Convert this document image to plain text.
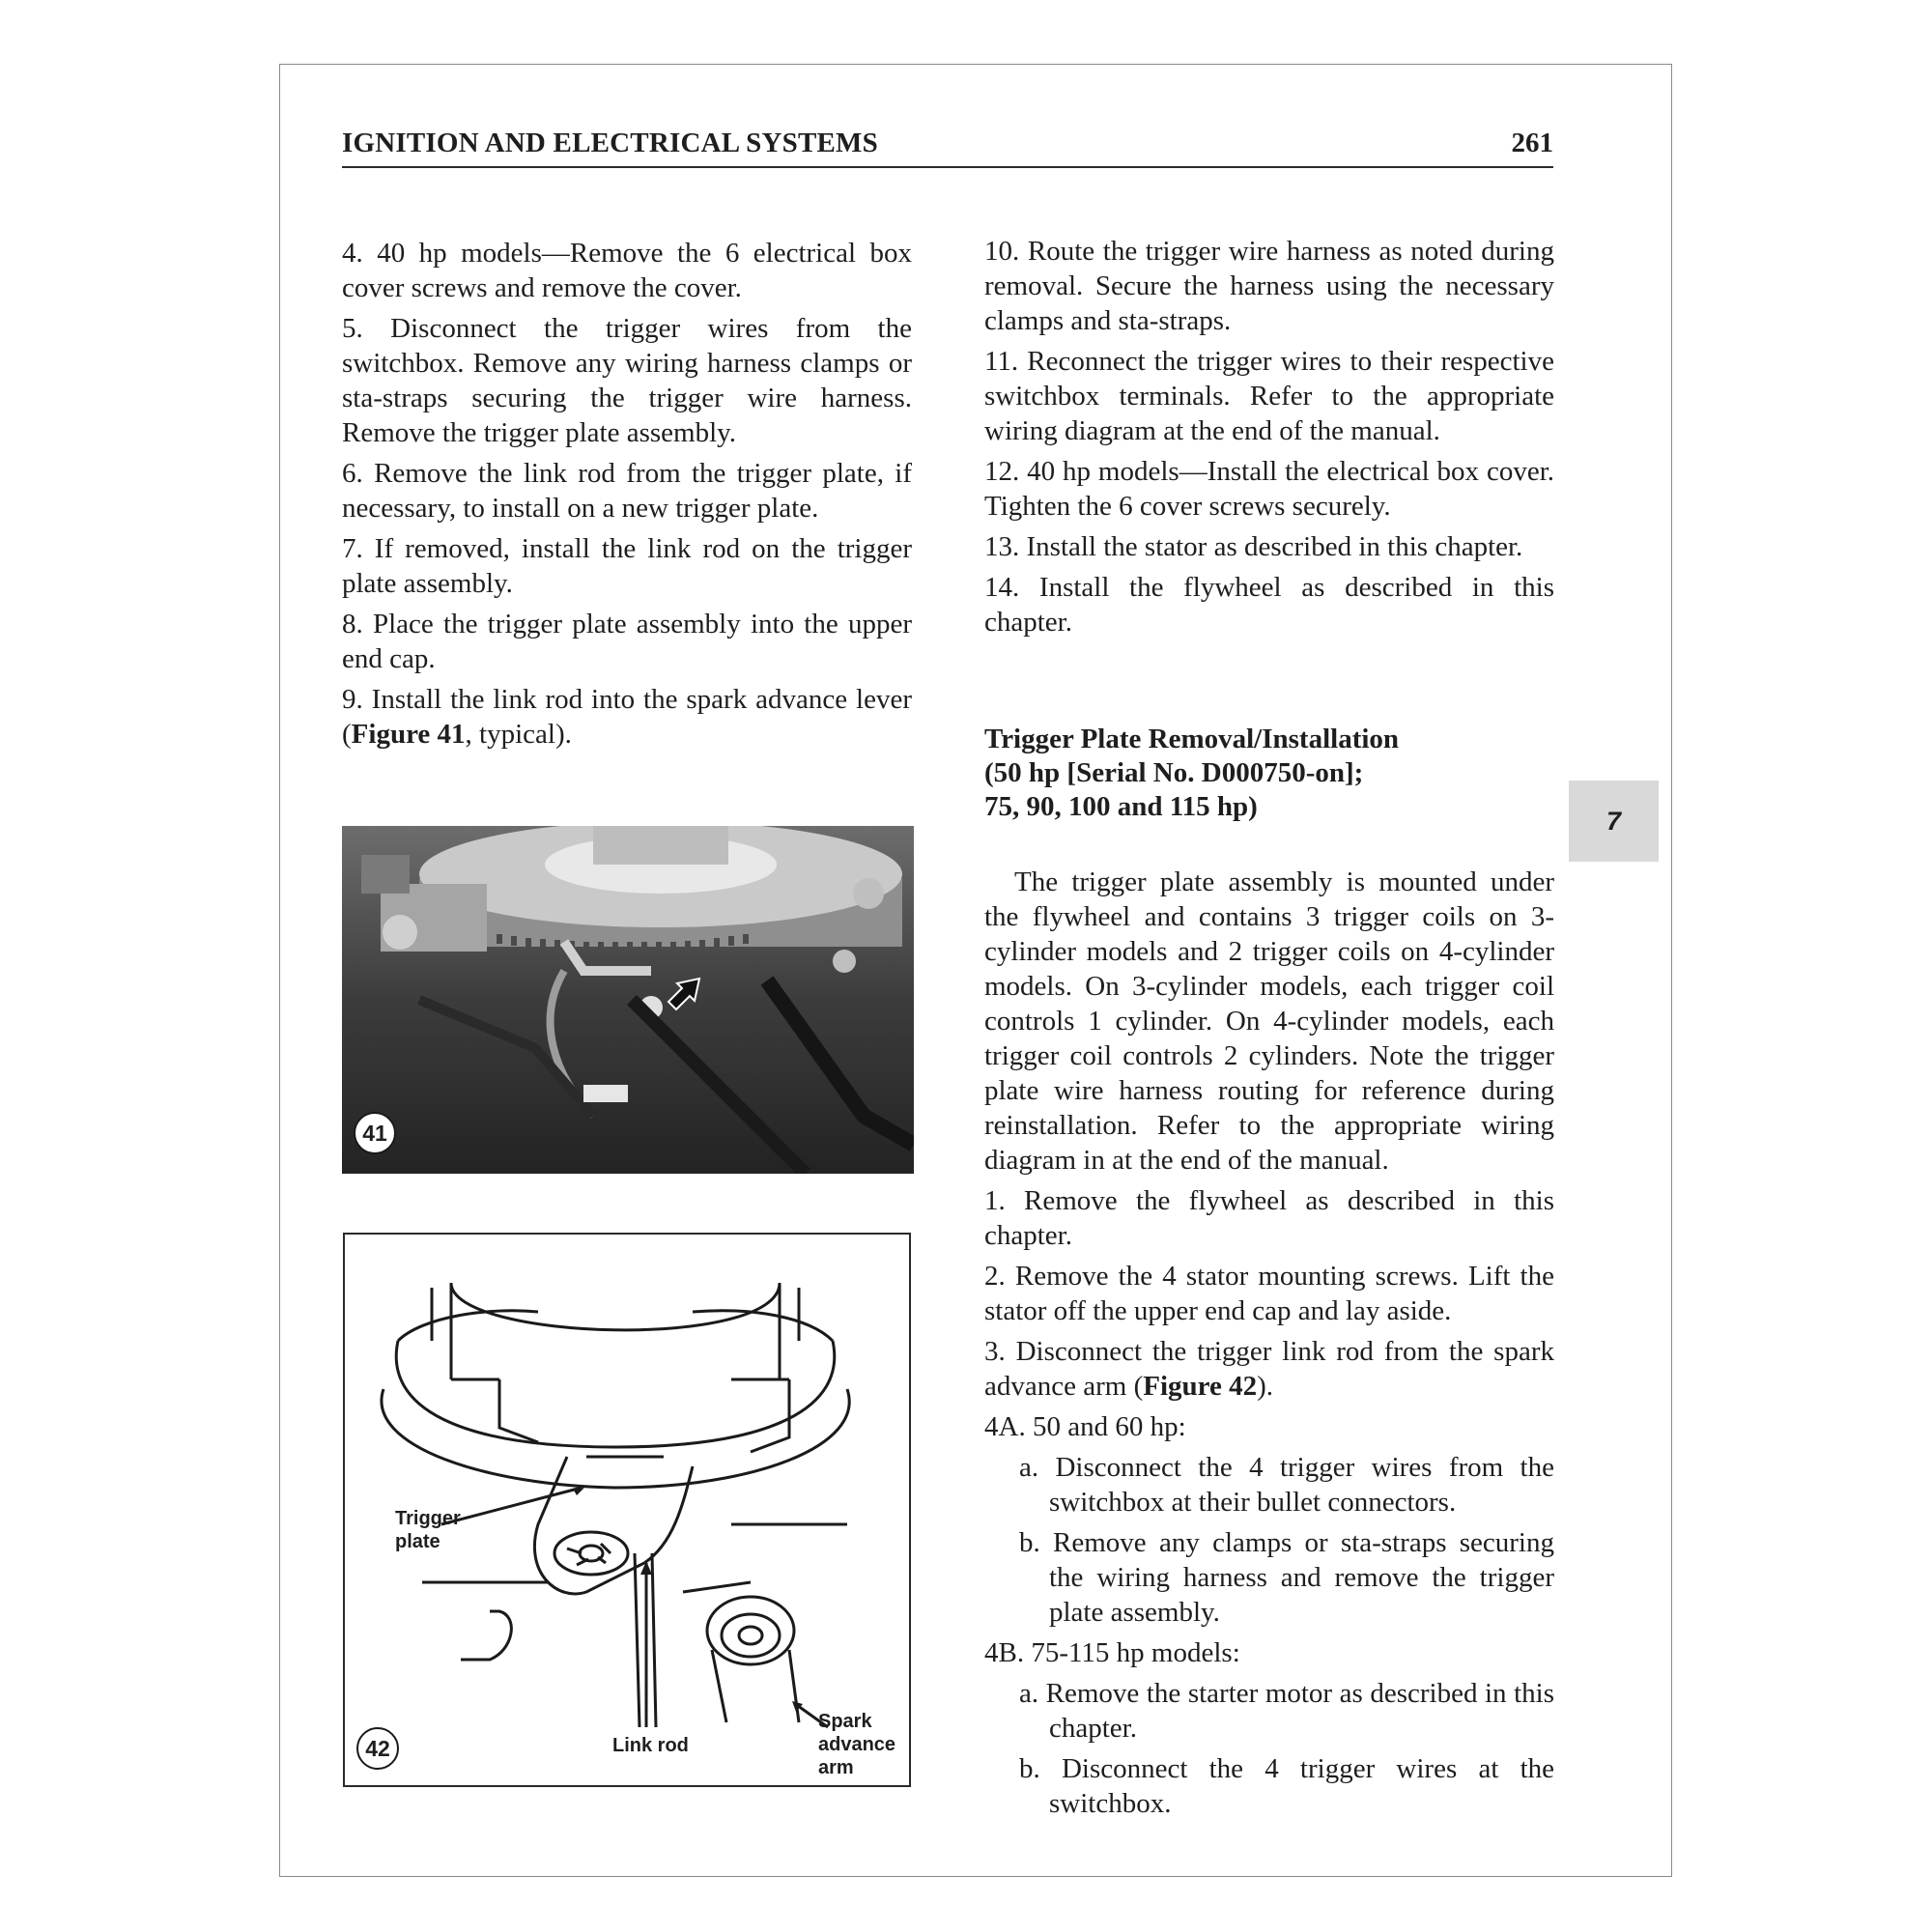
IGNITION AND ELECTRICAL SYSTEMS	261
7

4. 40 hp models—Remove the 6 electrical box cover screws and remove the cover.

5. Disconnect the trigger wires from the switchbox. Remove any wiring harness clamps or sta-straps securing the trigger wire harness. Remove the trigger plate assembly.

6. Remove the link rod from the trigger plate, if necessary, to install on a new trigger plate.

7. If removed, install the link rod on the trigger plate assembly.

8. Place the trigger plate assembly into the upper end cap.

9. Install the link rod into the spark advance lever (Figure 41, typical).

41
Trigger plate
Link rod
Spark advance arm
42

10. Route the trigger wire harness as noted during removal. Secure the harness using the necessary clamps and sta-straps.

11. Reconnect the trigger wires to their respective switchbox terminals. Refer to the appropriate wiring diagram at the end of the manual.

12. 40 hp models—Install the electrical box cover. Tighten the 6 cover screws securely.

13. Install the stator as described in this chapter.

14. Install the flywheel as described in this chapter.

Trigger Plate Removal/Installation
(50 hp [Serial No. D000750-on];
75, 90, 100 and 115 hp)

The trigger plate assembly is mounted under the flywheel and contains 3 trigger coils on 3-cylinder models and 2 trigger coils on 4-cylinder models. On 3-cylinder models, each trigger coil controls 1 cylinder. On 4-cylinder models, each trigger coil controls 2 cylinders. Note the trigger plate wire harness routing for reference during reinstallation. Refer to the appropriate wiring diagram in at the end of the manual.

1. Remove the flywheel as described in this chapter.

2. Remove the 4 stator mounting screws. Lift the stator off the upper end cap and lay aside.

3. Disconnect the trigger link rod from the spark advance arm (Figure 42).

4A. 50 and 60 hp:

a. Disconnect the 4 trigger wires from the switchbox at their bullet connectors.

b. Remove any clamps or sta-straps securing the wiring harness and remove the trigger plate assembly.

4B. 75-115 hp models:

a. Remove the starter motor as described in this chapter.

b. Disconnect the 4 trigger wires at the switchbox.
